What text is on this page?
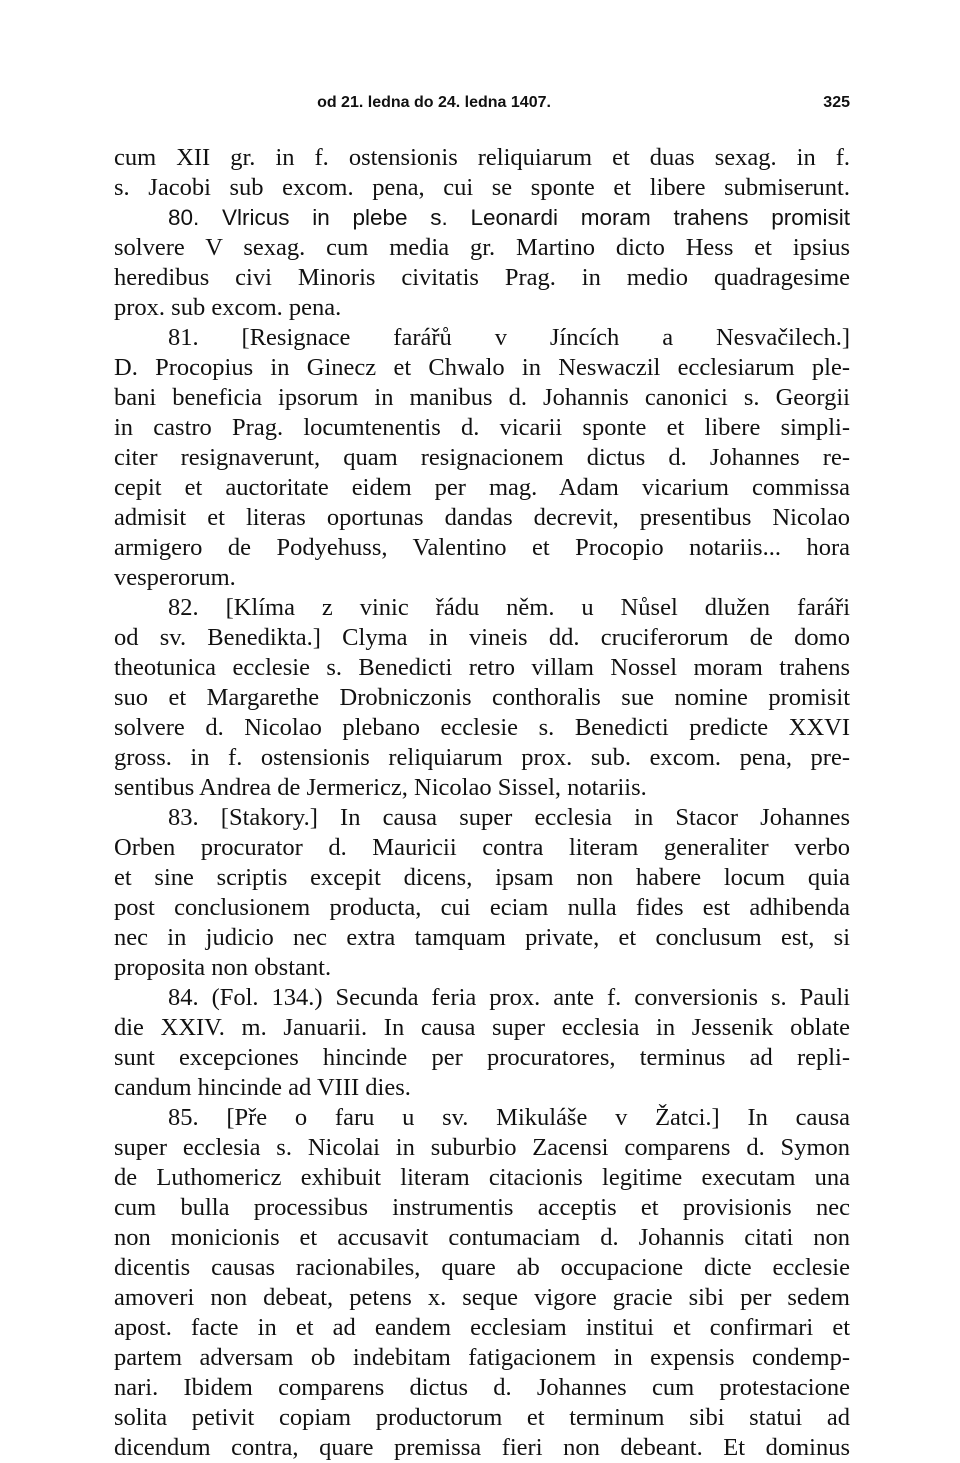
od 21. ledna do 24. ledna 1407.	325
cum XII gr. in f. ostensionis reliquiarum et duas sexag. in f.
s. Jacobi sub excom. pena, cui se sponte et libere submiserunt.
80. Vlricus in plebe s. Leonardi moram trahens promisit
solvere V sexag. cum media gr. Martino dicto Hess et ipsius
heredibus civi Minoris civitatis Prag. in medio quadragesime
prox. sub excom. pena.
81. [Resignace farářů v Jíncích a Nesvačilech.]
D. Procopius in Ginecz et Chwalo in Neswaczil ecclesiarum ple-
bani beneficia ipsorum in manibus d. Johannis canonici s. Georgii
in castro Prag. locumtenentis d. vicarii sponte et libere simpli-
citer resignaverunt, quam resignacionem dictus d. Johannes re-
cepit et auctoritate eidem per mag. Adam vicarium commissa
admisit et literas oportunas dandas decrevit, presentibus Nicolao
armigero de Podyehuss, Valentino et Procopio notariis... hora
vesperorum.
82. [Klíma z vinic řádu něm. u Nůsel dlužen faráři
od sv. Benedikta.] Clyma in vineis dd. cruciferorum de domo
theotunica ecclesie s. Benedicti retro villam Nossel moram trahens
suo et Margarethe Drobniczonis conthoralis sue nomine promisit
solvere d. Nicolao plebano ecclesie s. Benedicti predicte XXVI
gross. in f. ostensionis reliquiarum prox. sub. excom. pena, pre-
sentibus Andrea de Jermericz, Nicolao Sissel, notariis.
83. [Stakory.] In causa super ecclesia in Stacor Johannes
Orben procurator d. Mauricii contra literam generaliter verbo
et sine scriptis excepit dicens, ipsam non habere locum quia
post conclusionem producta, cui eciam nulla fides est adhibenda
nec in judicio nec extra tamquam private, et conclusum est, si
proposita non obstant.
84. (Fol. 134.) Secunda feria prox. ante f. conversionis s. Pauli
die XXIV. m. Januarii. In causa super ecclesia in Jessenik oblate
sunt excepciones hincinde per procuratores, terminus ad repli-
candum hincinde ad VIII dies.
85. [Pře o faru u sv. Mikuláše v Žatci.] In causa
super ecclesia s. Nicolai in suburbio Zacensi comparens d. Symon
de Luthomericz exhibuit literam citacionis legitime executam una
cum bulla processibus instrumentis acceptis et provisionis nec
non monicionis et accusavit contumaciam d. Johannis citati non
dicentis causas racionabiles, quare ab occupacione dicte ecclesie
amoveri non debeat, petens x. seque vigore gracie sibi per sedem
apost. facte in et ad eandem ecclesiam institui et confirmari et
partem adversam ob indebitam fatigacionem in expensis condemp-
nari. Ibidem comparens dictus d. Johannes cum protestacione
solita petivit copiam productorum et terminum sibi statui ad
dicendum contra, quare premissa fieri non debeant. Et dominus
